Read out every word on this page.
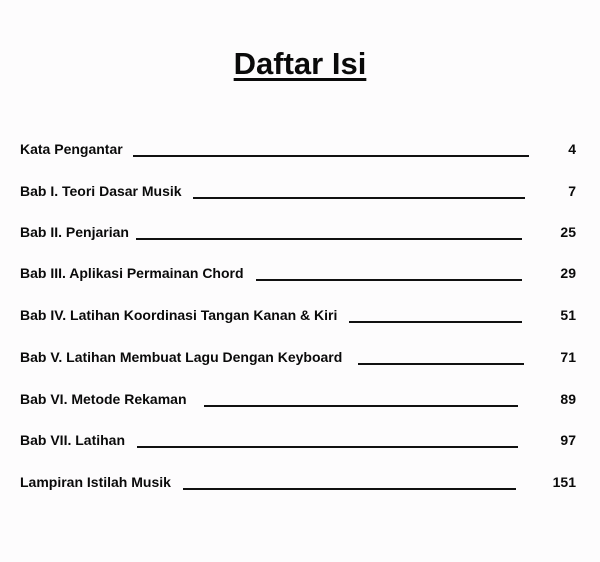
Daftar Isi
Kata Pengantar	4
Bab I. Teori Dasar Musik	7
Bab II. Penjarian	25
Bab III. Aplikasi Permainan Chord	29
Bab IV. Latihan Koordinasi Tangan Kanan & Kiri	51
Bab V. Latihan Membuat Lagu Dengan Keyboard	71
Bab VI. Metode Rekaman	89
Bab VII. Latihan	97
Lampiran Istilah Musik	151
